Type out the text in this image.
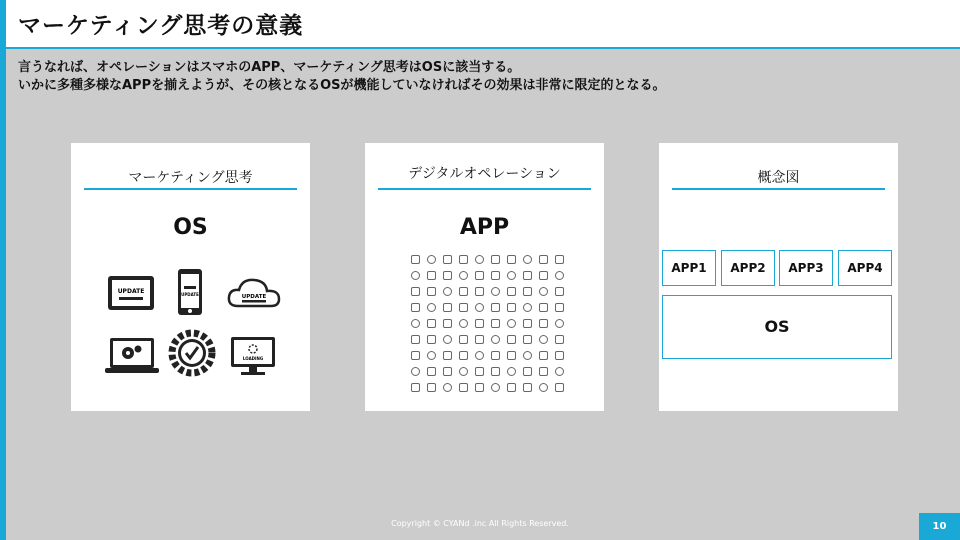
マーケティング思考の意義
言うなれば、オペレーションはスマホのAPP、マーケティング思考はOSに該当する。
いかに多種多様なAPPを揃えようが、その核となるOSが機能していなければその効果は非常に限定的となる。
マーケティング思考
OS
UPDATE	UPDATE	UPDATE
LOADING
デジタルオペレーション
APP
概念図
APP1	APP2	APP3	APP4
OS
Copyright © CYANd .inc All Rights Reserved.	10
